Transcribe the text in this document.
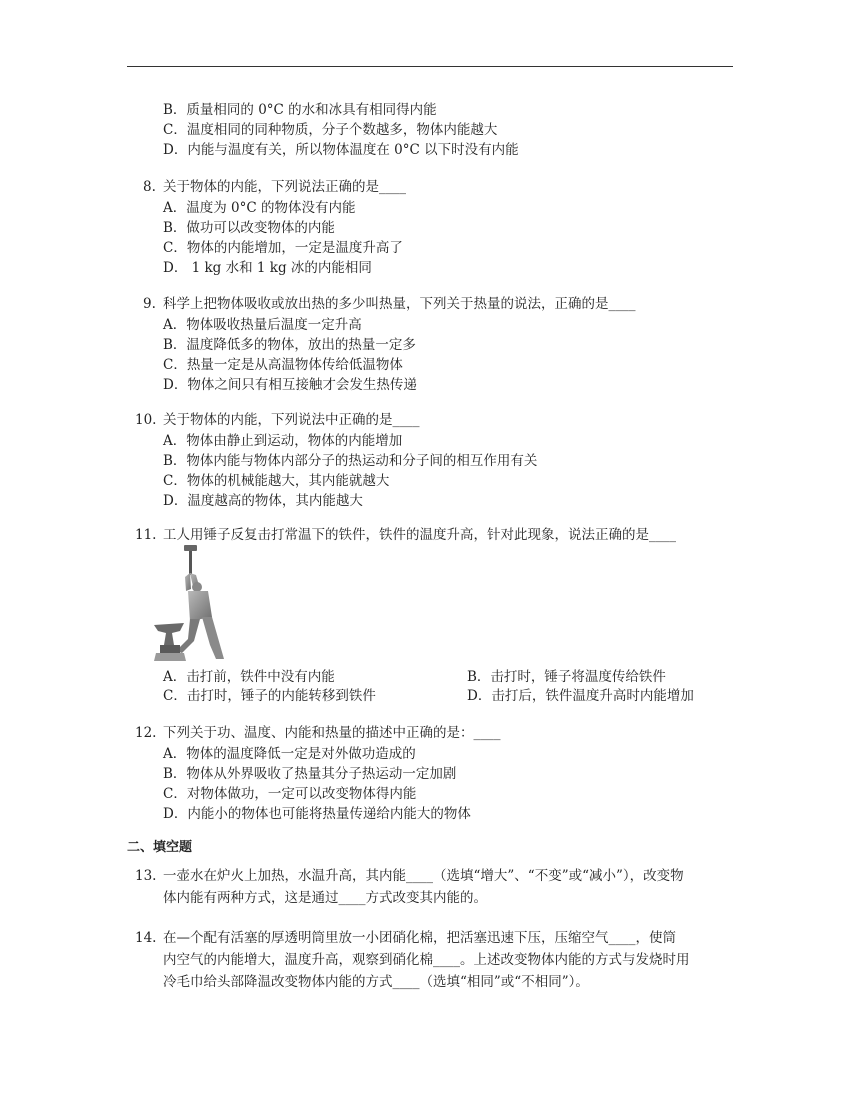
B．质量相同的 0°C 的水和冰具有相同得内能
C．温度相同的同种物质，分子个数越多，物体内能越大
D．内能与温度有关，所以物体温度在 0°C 以下时没有内能
8. 关于物体的内能，下列说法正确的是____
A．温度为 0°C 的物体没有内能
B．做功可以改变物体的内能
C．物体的内能增加，一定是温度升高了
D． 1 kg 水和 1 kg 冰的内能相同
9. 科学上把物体吸收或放出热的多少叫热量，下列关于热量的说法，正确的是____
A．物体吸收热量后温度一定升高
B．温度降低多的物体，放出的热量一定多
C．热量一定是从高温物体传给低温物体
D．物体之间只有相互接触才会发生热传递
10. 关于物体的内能，下列说法中正确的是____
A．物体由静止到运动，物体的内能增加
B．物体内能与物体内部分子的热运动和分子间的相互作用有关
C．物体的机械能越大，其内能就越大
D．温度越高的物体，其内能越大
11. 工人用锤子反复击打常温下的铁件，铁件的温度升高，针对此现象，说法正确的是____
A．击打前，铁件中没有内能	B．击打时，锤子将温度传给铁件
C．击打时，锤子的内能转移到铁件	D．击打后，铁件温度升高时内能增加
12. 下列关于功、温度、内能和热量的描述中正确的是：____
A．物体的温度降低一定是对外做功造成的
B．物体从外界吸收了热量其分子热运动一定加剧
C．对物体做功，一定可以改变物体得内能
D．内能小的物体也可能将热量传递给内能大的物体
二、填空题
13. 一壶水在炉火上加热，水温升高，其内能____（选填“增大”、“不变”或“减小”），改变物
体内能有两种方式，这是通过____方式改变其内能的。
14. 在—个配有活塞的厚透明筒里放一小团硝化棉，把活塞迅速下压，压缩空气____，使筒
内空气的内能增大，温度升高，观察到硝化棉____。上述改变物体内能的方式与发烧时用
冷毛巾给头部降温改变物体内能的方式____（选填“相同”或“不相同”）。
